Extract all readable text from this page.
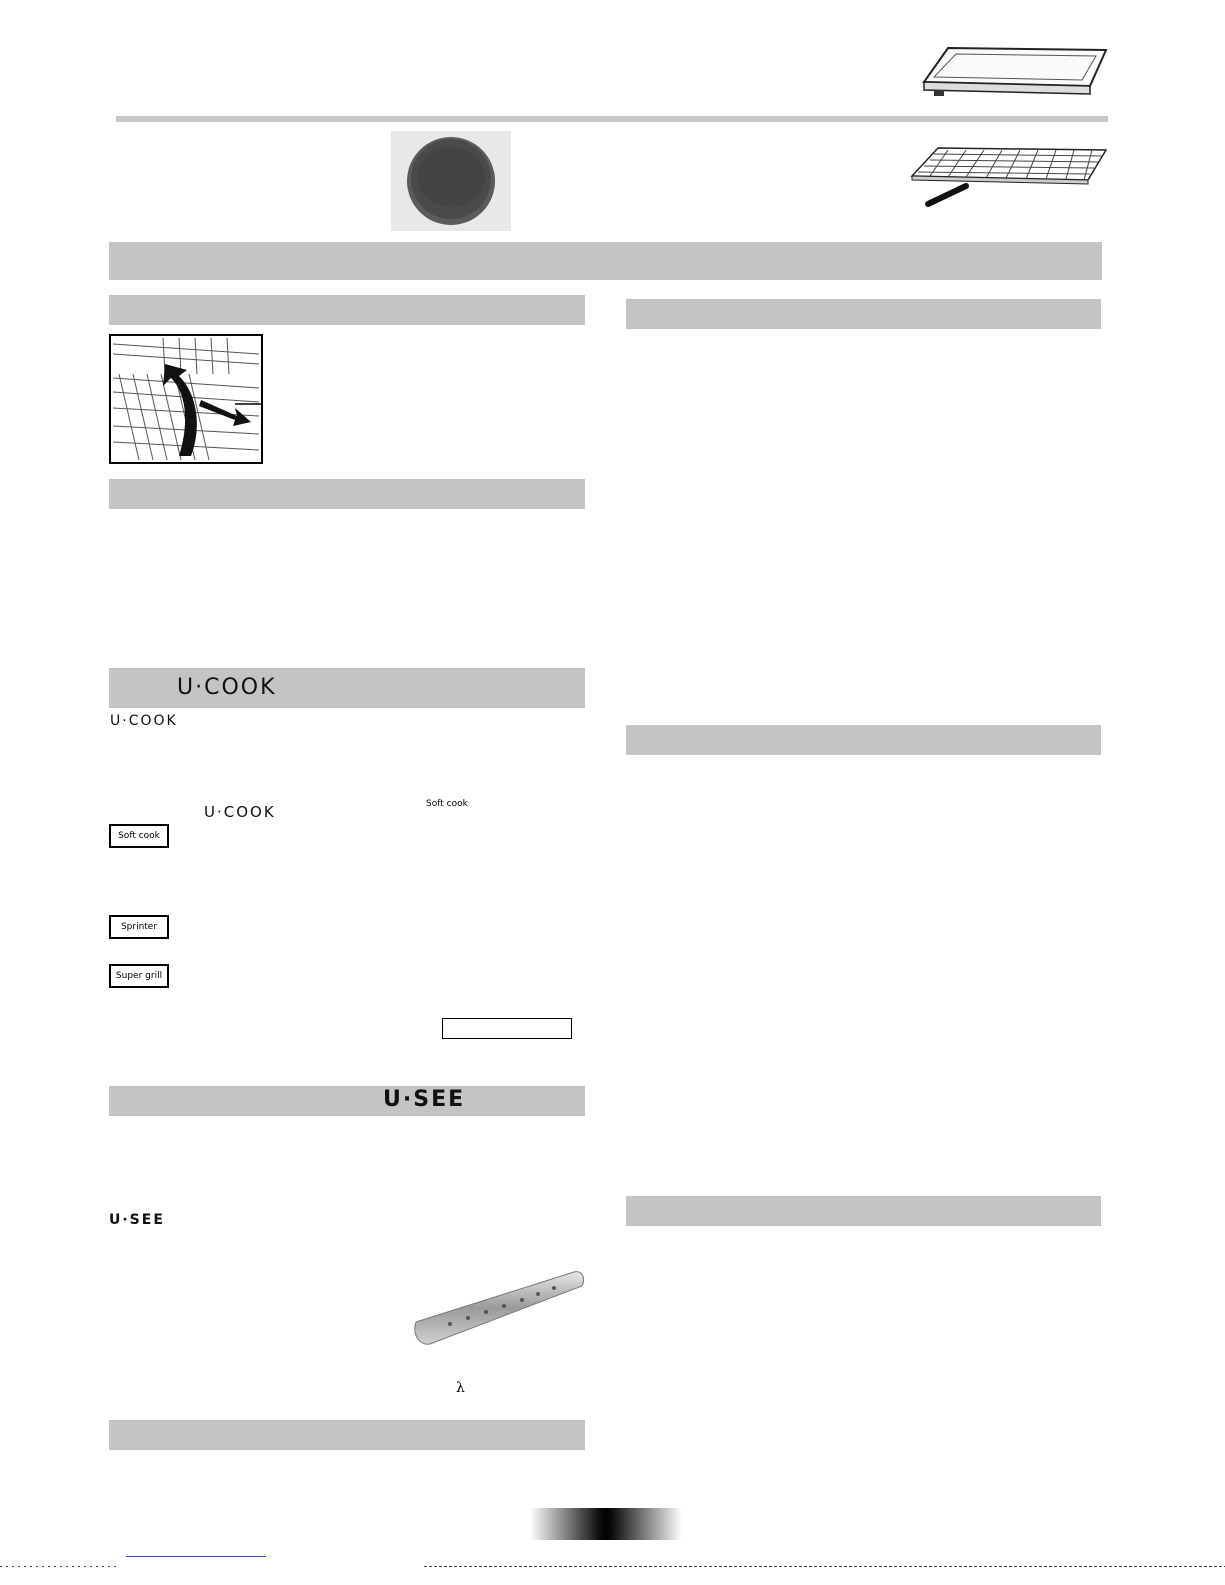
U·COOK
U·COOK
U·COOK	Soft cook
Soft cook
Sprinter
Super grill
U·SEE
U·SEE
λ
